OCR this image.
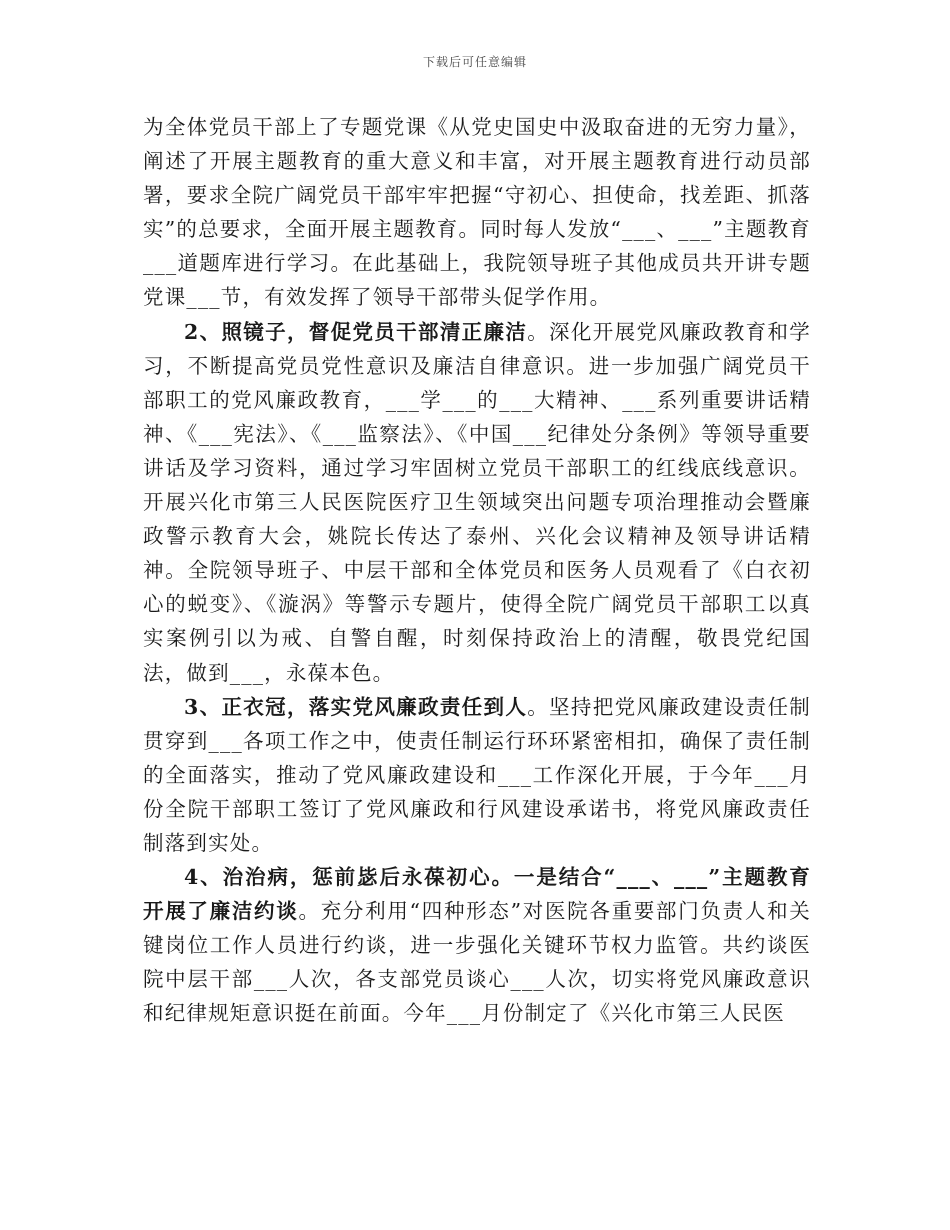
下载后可任意编辑

为全体党员干部上了专题党课《从党史国史中汲取奋进的无穷力量》，阐述了开展主题教育的重大意义和丰富，对开展主题教育进行动员部署，要求全院广阔党员干部牢牢把握“守初心、担使命，找差距、抓落实”的总要求，全面开展主题教育。同时每人发放“___、___”主题教育___道题库进行学习。在此基础上，我院领导班子其他成员共开讲专题党课___节，有效发挥了领导干部带头促学作用。

2、照镜子，督促党员干部清正廉洁。深化开展党风廉政教育和学习，不断提高党员党性意识及廉洁自律意识。进一步加强广阔党员干部职工的党风廉政教育，___学___的___大精神、___系列重要讲话精神、《___宪法》、《___监察法》、《中国___纪律处分条例》等领导重要讲话及学习资料，通过学习牢固树立党员干部职工的红线底线意识。开展兴化市第三人民医院医疗卫生领域突出问题专项治理推动会暨廉政警示教育大会，姚院长传达了泰州、兴化会议精神及领导讲话精神。全院领导班子、中层干部和全体党员和医务人员观看了《白衣初心的蜕变》、《漩涡》等警示专题片，使得全院广阔党员干部职工以真实案例引以为戒、自警自醒，时刻保持政治上的清醒，敬畏党纪国法，做到___，永葆本色。

3、正衣冠，落实党风廉政责任到人。坚持把党风廉政建设责任制贯穿到___各项工作之中，使责任制运行环环紧密相扣，确保了责任制的全面落实，推动了党风廉政建设和___工作深化开展，于今年___月份全院干部职工签订了党风廉政和行风建设承诺书，将党风廉政责任制落到实处。

4、治治病，惩前毖后永葆初心。一是结合“___、___”主题教育开展了廉洁约谈。充分利用“四种形态”对医院各重要部门负责人和关键岗位工作人员进行约谈，进一步强化关键环节权力监管。共约谈医院中层干部___人次，各支部党员谈心___人次，切实将党风廉政意识和纪律规矩意识挺在前面。今年___月份制定了《兴化市第三人民医
